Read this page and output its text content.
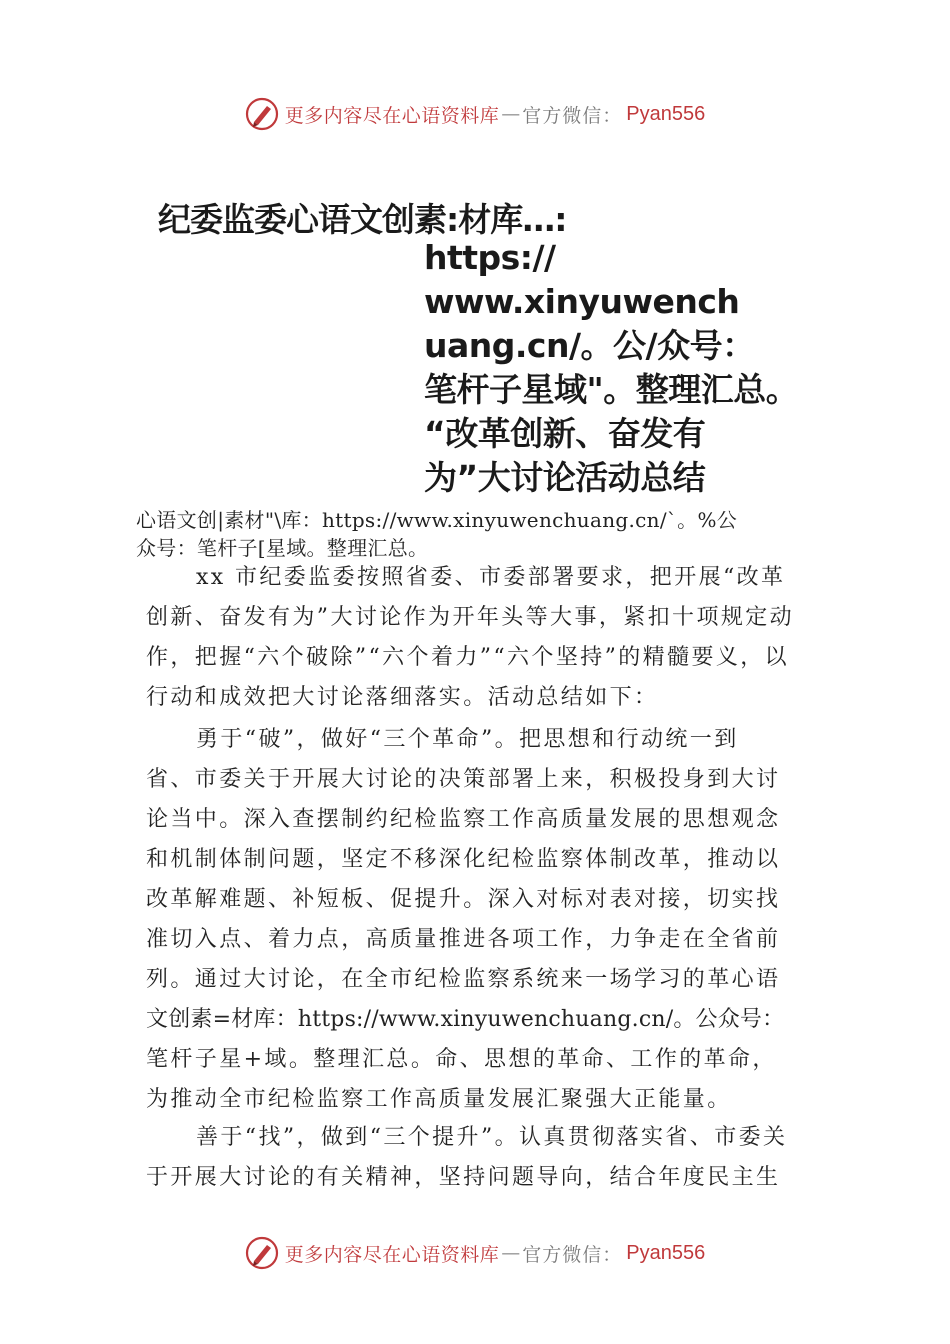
更多内容尽在心语资料库 — 官方微信： Pyan556
纪委监委心语文创素:材库…:
https://
www.xinyuwench
uang.cn/。公/众号：
笔杆子星域"。整理汇总。
“改革创新、奋发有
为”大讨论活动总结
心语文创|素材"\库：https://www.xinyuwenchuang.cn/`。%公
众号：笔杆子[星域。整理汇总。
xx 市纪委监委按照省委、市委部署要求，把开展“改革
创新、奋发有为”大讨论作为开年头等大事，紧扣十项规定动
作，把握“六个破除”“六个着力”“六个坚持”的精髓要义，以
行动和成效把大讨论落细落实。活动总结如下：
勇于“破”，做好“三个革命”。把思想和行动统一到
省、市委关于开展大讨论的决策部署上来，积极投身到大讨
论当中。深入查摆制约纪检监察工作高质量发展的思想观念
和机制体制问题，坚定不移深化纪检监察体制改革，推动以
改革解难题、补短板、促提升。深入对标对表对接，切实找
准切入点、着力点，高质量推进各项工作，力争走在全省前
列。通过大讨论，在全市纪检监察系统来一场学习的革心语
文创素=材库：https://www.xinyuwenchuang.cn/。公众号：
笔杆子星+域。整理汇总。命、思想的革命、工作的革命，
为推动全市纪检监察工作高质量发展汇聚强大正能量。
善于“找”，做到“三个提升”。认真贯彻落实省、市委关
于开展大讨论的有关精神，坚持问题导向，结合年度民主生
更多内容尽在心语资料库 — 官方微信： Pyan556
